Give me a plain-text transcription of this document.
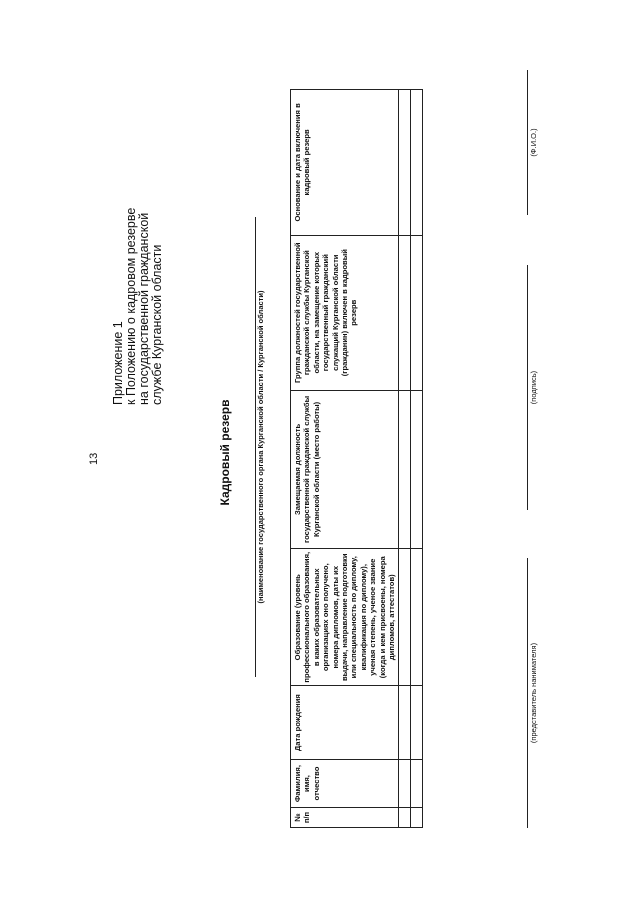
13
Приложение 1 к Положению о кадровом резерве на государственной гражданской службе Курганской области
Кадровый резерв	(наименование государственного органа Курганской области / Курганской области)
№ п/п	Фамилия, имя, отчество	Дата рождения	Образование (уровень профессионального образования, в каких образовательных организациях оно получено, номера дипломов, даты их выдачи, направление подготовки или специальность по диплому, квалификация по диплому), ученая степень, ученое звание (когда и кем присвоены, номера дипломов, аттестатов)	Замещаемая должность государственной гражданской службы Курганской области (место работы)	Группа должностей государственной гражданской службы Курганской области, на замещение которых государственный гражданский служащий Курганской области (гражданин) включен в кадровый резерв	Основание и дата включения в кадровый резерв

(представитель нанимателя)
(подпись)
(Ф.И.О.)
